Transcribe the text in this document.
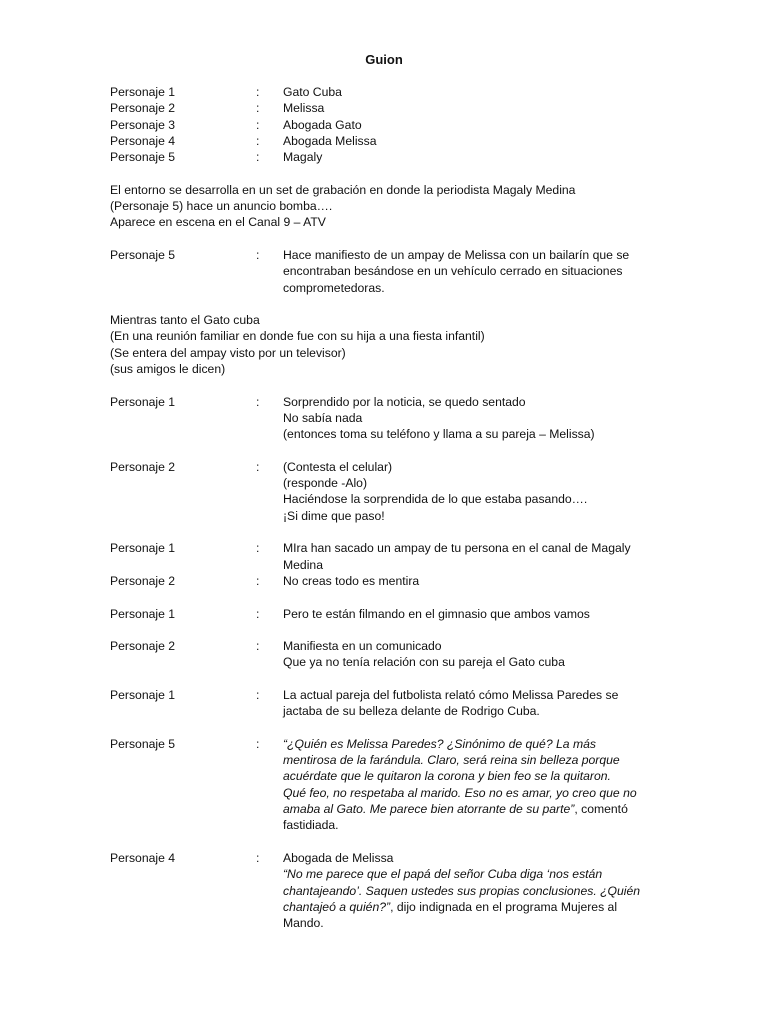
Guion
Personaje 1	:	Gato Cuba
Personaje 2	:	Melissa
Personaje 3	:	Abogada Gato
Personaje 4	:	Abogada Melissa
Personaje 5	:	Magaly
El entorno se desarrolla en un set de grabación en donde la periodista Magaly Medina
(Personaje 5) hace un anuncio bomba….
Aparece en escena en el Canal 9 – ATV
Personaje 5	:	Hace manifiesto de un ampay de Melissa con un bailarín que se
encontraban besándose en un vehículo cerrado en situaciones
comprometedoras.
Mientras tanto el Gato cuba
(En una reunión familiar en donde fue con su hija a una fiesta infantil)
(Se entera del ampay visto por un televisor)
(sus amigos le dicen)
Personaje 1	:	Sorprendido por la noticia, se quedo sentado
No sabía nada
(entonces toma su teléfono y llama a su pareja – Melissa)
Personaje 2	:	(Contesta el celular)
(responde -Alo)
Haciéndose la sorprendida de lo que estaba pasando….
¡Si dime que paso!
Personaje 1	:	MIra han sacado un ampay de tu persona en el canal de Magaly
Medina
Personaje 2	:	No creas todo es mentira
Personaje 1	:	Pero te están filmando en el gimnasio que ambos vamos
Personaje 2	:	Manifiesta en un comunicado
Que ya no tenía relación con su pareja el Gato cuba
Personaje 1	:	La actual pareja del futbolista relató cómo Melissa Paredes se
jactaba de su belleza delante de Rodrigo Cuba.
Personaje 5	:	“¿Quién es Melissa Paredes? ¿Sinónimo de qué? La más
mentirosa de la farándula. Claro, será reina sin belleza porque
acuérdate que le quitaron la corona y bien feo se la quitaron.
Qué feo, no respetaba al marido. Eso no es amar, yo creo que no
amaba al Gato. Me parece bien atorrante de su parte”, comentó
fastidiada.
Personaje 4	:	Abogada de Melissa
“No me parece que el papá del señor Cuba diga ‘nos están
chantajeando’. Saquen ustedes sus propias conclusiones. ¿Quién
chantajeó a quién?”, dijo indignada en el programa Mujeres al
Mando.
